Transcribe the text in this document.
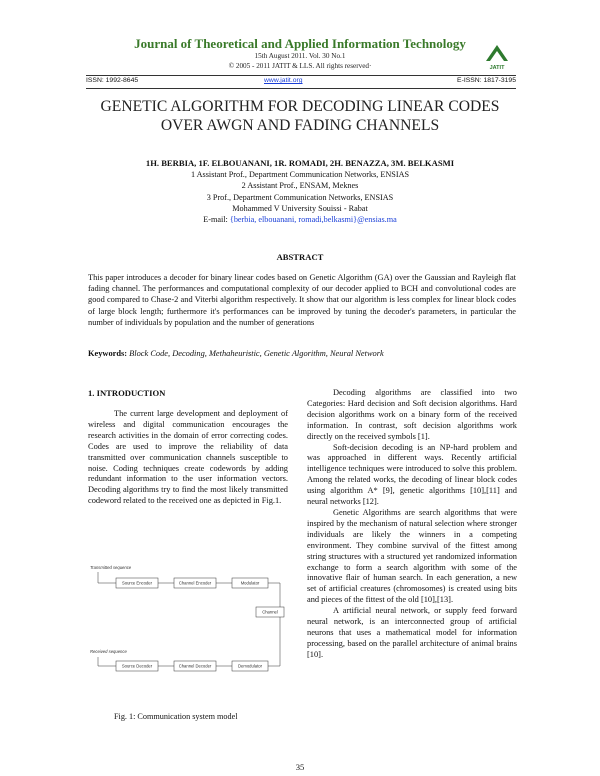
Journal of Theoretical and Applied Information Technology
15th August 2011. Vol. 30 No.1
© 2005 - 2011 JATIT & LLS. All rights reserved·	JATIT
ISSN: 1992-8645	www.jatit.org	E-ISSN: 1817-3195
GENETIC ALGORITHM FOR DECODING LINEAR CODES
OVER AWGN AND FADING CHANNELS
1H. BERBIA, 1F. ELBOUANANI, 1R. ROMADI, 2H. BENAZZA, 3M. BELKASMI
1 Assistant Prof., Department Communication Networks, ENSIAS
2 Assistant Prof., ENSAM, Meknes
3 Prof., Department Communication Networks, ENSIAS
Mohammed V University Souissi - Rabat
E-mail: {berbia, elbouanani, romadi,belkasmi}@ensias.ma
ABSTRACT
This paper introduces a decoder for binary linear codes based on Genetic Algorithm (GA) over the Gaussian and Rayleigh flat fading channel. The performances and computational complexity of our decoder applied to BCH and convolutional codes are good compared to Chase-2 and Viterbi algorithm respectively. It show that our algorithm is less complex for linear block codes of large block length; furthermore it's performances can be improved by tuning the decoder's parameters, in particular the number of individuals by population and the number of generations
Keywords: Block Code, Decoding, Methaheuristic, Genetic Algorithm, Neural Network
1. INTRODUCTION

The current large development and deployment of wireless and digital communication encourages the research activities in the domain of error correcting codes. Codes are used to improve the reliability of data transmitted over communication channels susceptible to noise. Coding techniques create codewords by adding redundant information to the user information vectors. Decoding algorithms try to find the most likely transmitted codeword related to the received one as depicted in Fig.1.

Decoding algorithms are classified into two Categories: Hard decision and Soft decision algorithms. Hard decision algorithms work on a binary form of the received information. In contrast, soft decision algorithms work directly on the received symbols [1].

Soft-decision decoding is an NP-hard problem and was approached in different ways. Recently artificial intelligence techniques were introduced to solve this problem. Among the related works, the decoding of linear block codes using algorithm A* [9], genetic algorithms [10],[11] and neural networks [12].

Genetic Algorithms are search algorithms that were inspired by the mechanism of natural selection where stronger individuals are likely the winners in a competing environment. They combine survival of the fittest among string structures with a structured yet randomized information exchange to form a search algorithm with some of the innovative flair of human search. In each generation, a new set of artificial creatures (chromosomes) is created using bits and pieces of the fittest of the old [10],[13].

A artificial neural network, or supply feed forward neural network, is an interconnected group of artificial neurons that uses a mathematical model for information processing, based on the parallel architecture of animal brains [10].

Transmitted sequence
Source Encoder	Channel Encoder	Modulator
Channel
Received sequence
Source Decoder	Channel Decoder	Demodulator
Fig. 1: Communication system model
35
